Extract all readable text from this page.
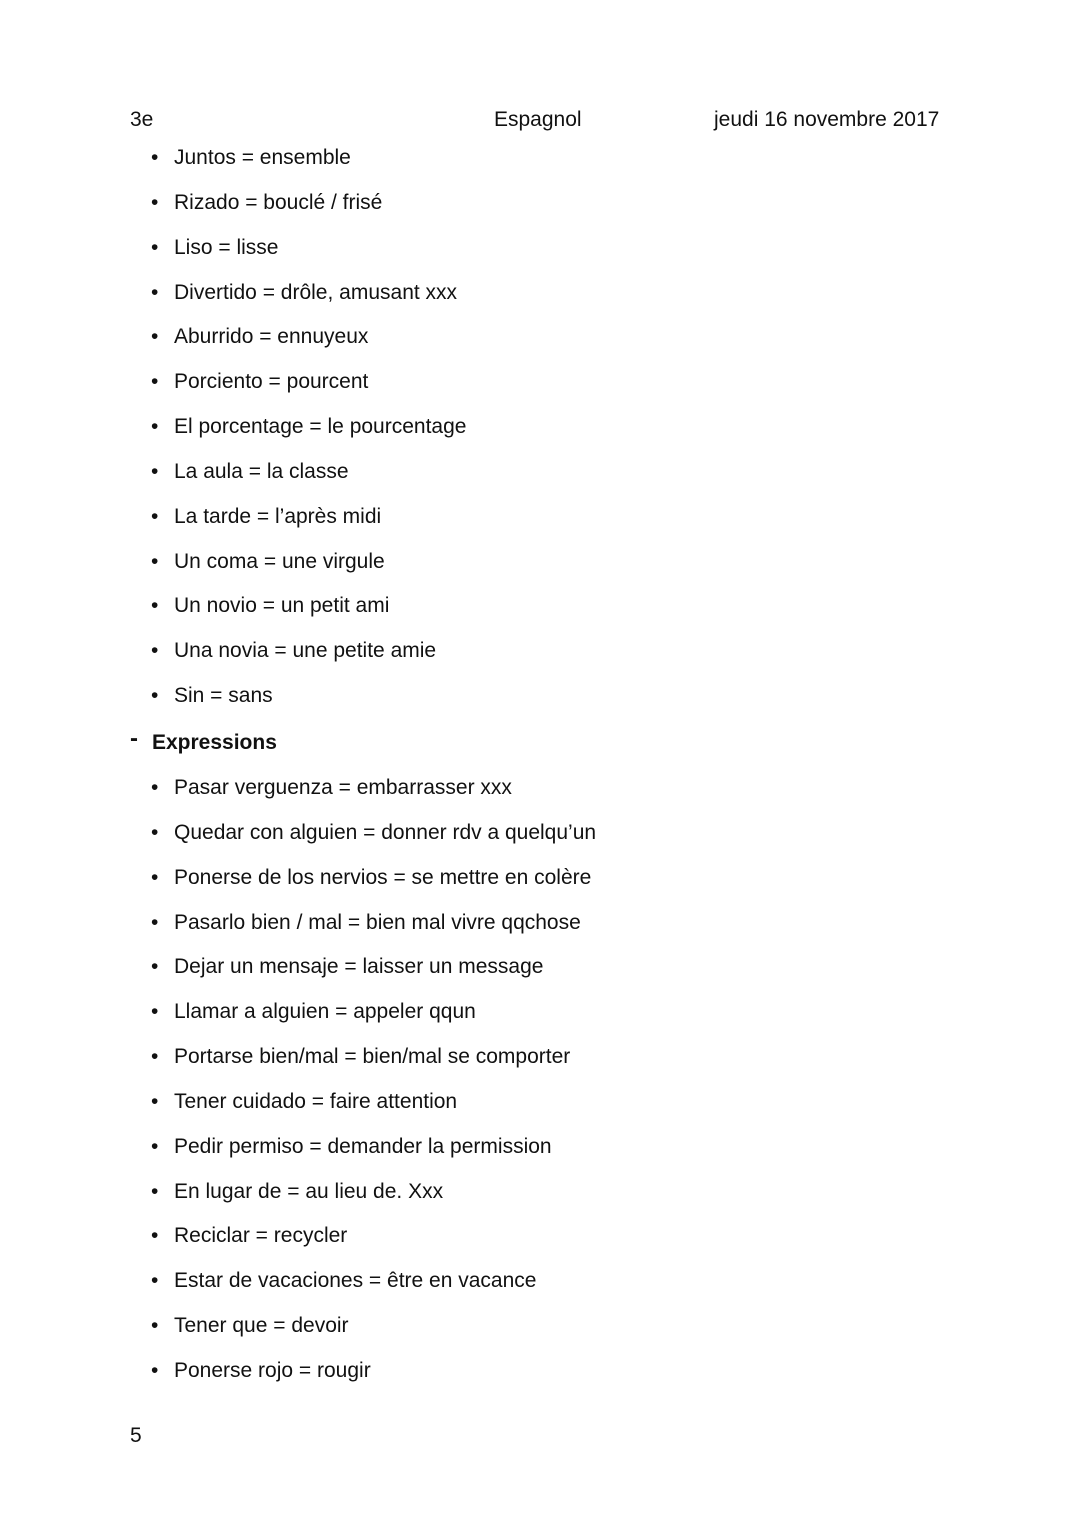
3e	Espagnol	jeudi 16 novembre 2017
• Juntos = ensemble
• Rizado = bouclé / frisé
• Liso = lisse
• Divertido = drôle, amusant xxx
• Aburrido = ennuyeux
• Porciento = pourcent
• El porcentage = le pourcentage
• La aula = la classe
• La tarde = l’après midi
• Un coma = une virgule
• Un novio = un petit ami
• Una novia = une petite amie
• Sin = sans
- Expressions
• Pasar verguenza = embarrasser xxx
• Quedar con alguien = donner rdv a quelqu’un
• Ponerse de los nervios = se mettre en colère
• Pasarlo bien / mal = bien mal vivre qqchose
• Dejar un mensaje = laisser un message
• Llamar a alguien = appeler qqun
• Portarse bien/mal = bien/mal se comporter
• Tener cuidado = faire attention
• Pedir permiso = demander la permission
• En lugar de = au lieu de. Xxx
• Reciclar = recycler
• Estar de vacaciones = être en vacance
• Tener que = devoir
• Ponerse rojo = rougir
5
